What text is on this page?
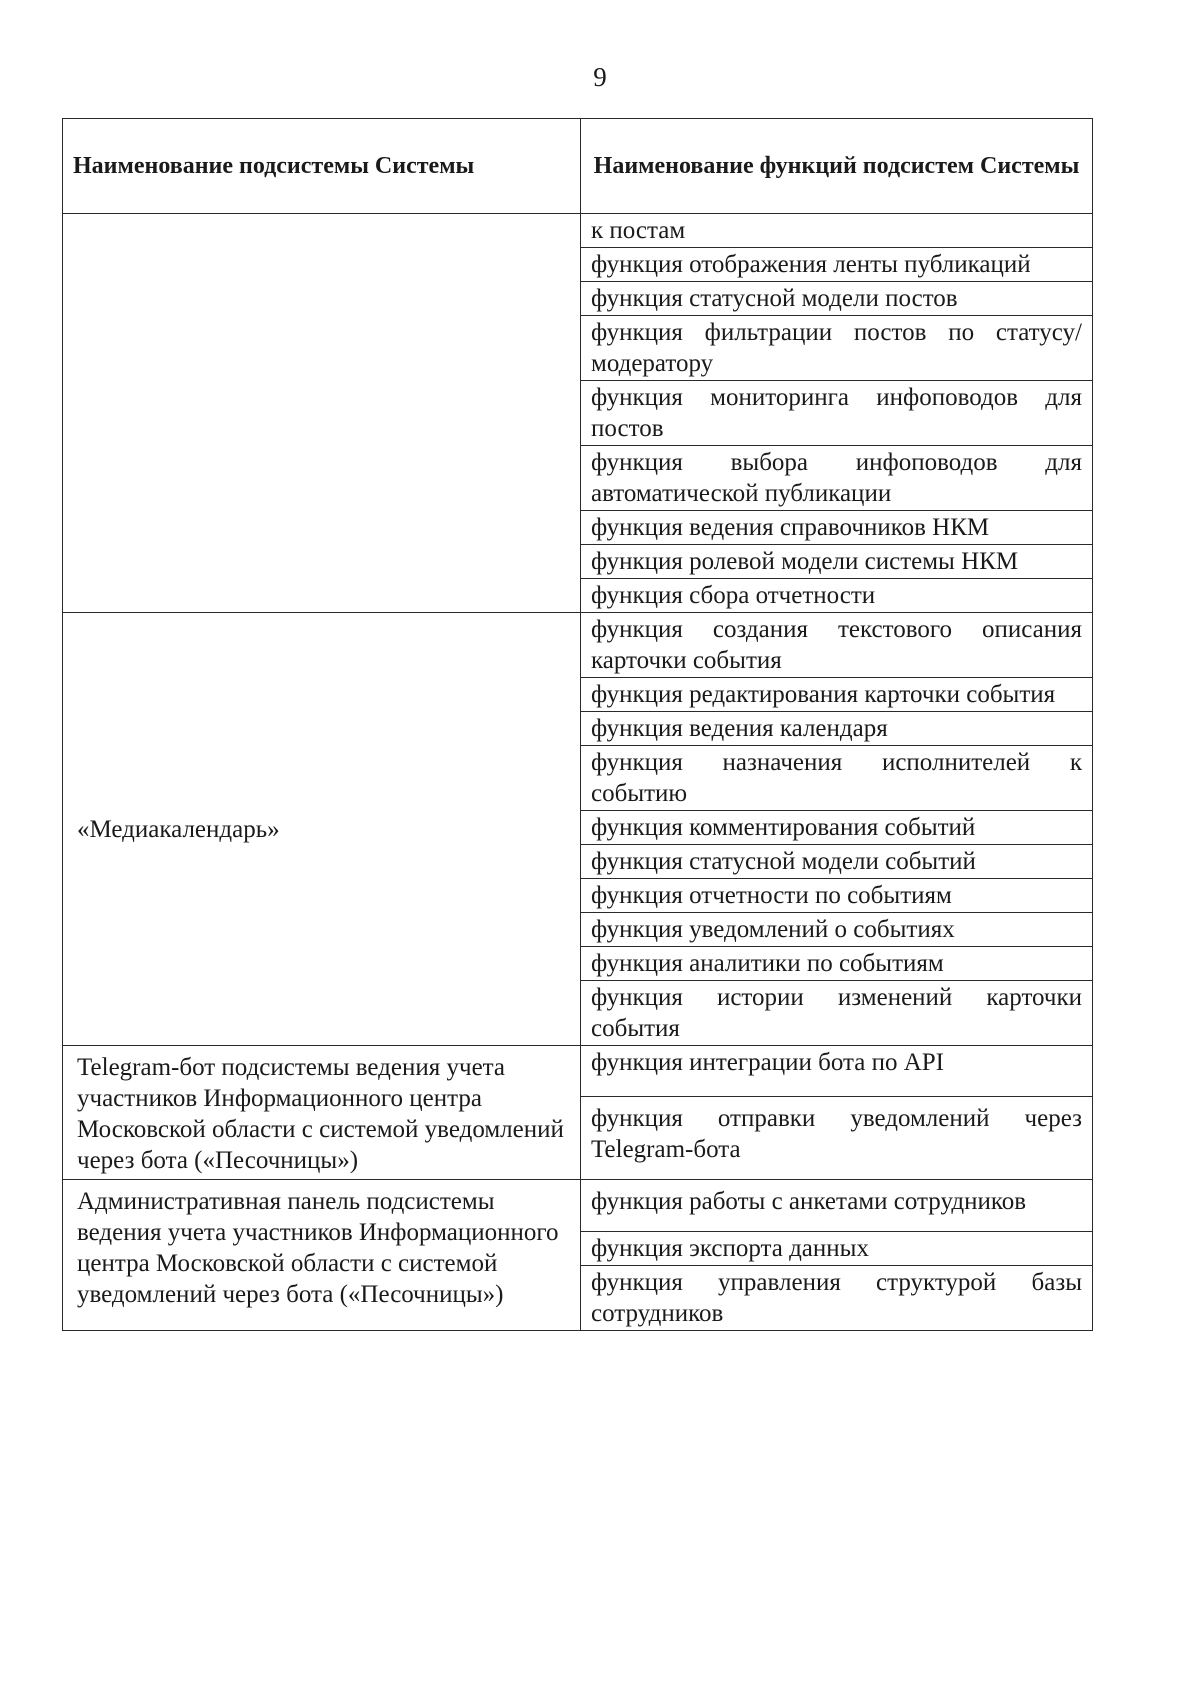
9
Наименование подсистемы Системы	Наименование функций подсистем Системы
	к постам
	функция отображения ленты публикаций
	функция статусной модели постов
	функция фильтрации постов по статусу/модератору
	функция мониторинга инфоповодов для постов
	функция выбора инфоповодов для автоматической публикации
	функция ведения справочников НКМ
	функция ролевой модели системы НКМ
	функция сбора отчетности
«Медиакалендарь»	функция создания текстового описания карточки события
	функция редактирования карточки события
	функция ведения календаря
	функция назначения исполнителей к событию
	функция комментирования событий
	функция статусной модели событий
	функция отчетности по событиям
	функция уведомлений о событиях
	функция аналитики по событиям
	функция истории изменений карточки события
Telegram-бот подсистемы ведения учета участников Информационного центра Московской области с системой уведомлений через бота («Песочницы»)	функция интеграции бота по API
	функция отправки уведомлений через Telegram-бота
Административная панель подсистемы ведения учета участников Информационного центра Московской области с системой уведомлений через бота («Песочницы»)	функция работы с анкетами сотрудников
	функция экспорта данных
	функция управления структурой базы сотрудников
